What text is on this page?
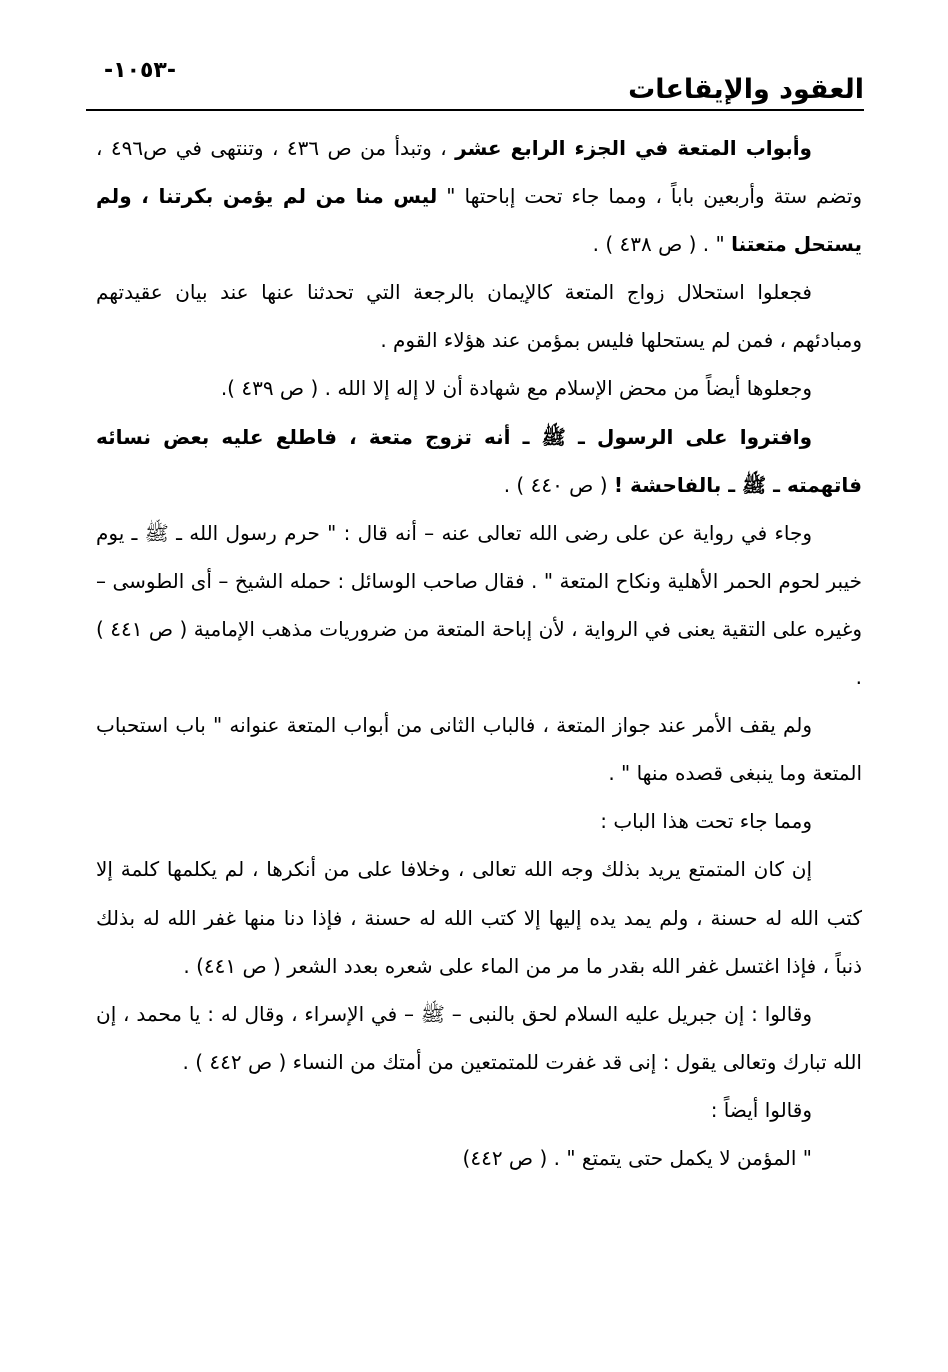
العقود والإيقاعات
-١٠٥٣-

وأبواب المتعة في الجزء الرابع عشر ، وتبدأ من ص ٤٣٦ ، وتنتهى في ص٤٩٦ ، وتضم ستة وأربعين باباً ، ومما جاء تحت إباحتها " ليس منا من لم يؤمن بكرتنا ، ولم يستحل متعتنا " . ( ص ٤٣٨ ) .

فجعلوا استحلال زواج المتعة كالإيمان بالرجعة التي تحدثنا عنها عند بيان عقيدتهم ومبادئهم ، فمن لم يستحلها فليس بمؤمن عند هؤلاء القوم .

وجعلوها أيضاً من محض الإسلام مع شهادة أن لا إله إلا الله . ( ص ٤٣٩ ).

وافتروا على الرسول ـ ﷺ ـ أنه تزوج متعة ، فاطلع عليه بعض نسائه فاتهمته ـ ﷺ ـ بالفاحشة ! ( ص ٤٤٠ ) .

وجاء في رواية عن على رضى الله تعالى عنه – أنه قال : " حرم رسول الله ـ ﷺ ـ يوم خيبر لحوم الحمر الأهلية ونكاح المتعة " . فقال صاحب الوسائل : حمله الشيخ – أى الطوسى – وغيره على التقية يعنى في الرواية ، لأن إباحة المتعة من ضروريات مذهب الإمامية ( ص ٤٤١ ) .

ولم يقف الأمر عند جواز المتعة ، فالباب الثانى من أبواب المتعة عنوانه " باب استحباب المتعة وما ينبغى قصده منها " .

ومما جاء تحت هذا الباب :

إن كان المتمتع يريد بذلك وجه الله تعالى ، وخلافا على من أنكرها ، لم يكلمها كلمة إلا كتب الله له حسنة ، ولم يمد يده إليها إلا كتب الله له حسنة ، فإذا دنا منها غفر الله له بذلك ذنباً ، فإذا اغتسل غفر الله بقدر ما مر من الماء على شعره بعدد الشعر ( ص ٤٤١) .

وقالوا : إن جبريل عليه السلام لحق بالنبى – ﷺ – في الإسراء ، وقال له : يا محمد ، إن الله تبارك وتعالى يقول : إنى قد غفرت للمتمتعين من أمتك من النساء ( ص ٤٤٢ ) .

وقالوا أيضاً :

" المؤمن لا يكمل حتى يتمتع " . ( ص ٤٤٢)
